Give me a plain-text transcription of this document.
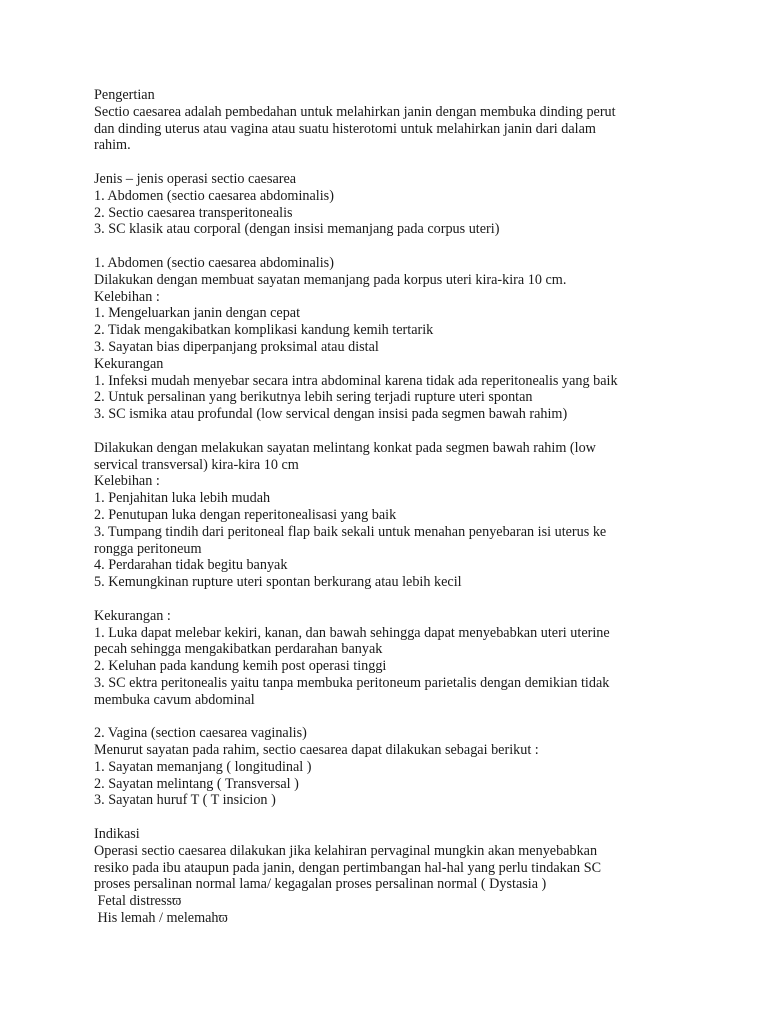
Pengertian
Sectio caesarea adalah pembedahan untuk melahirkan janin dengan membuka dinding perut
dan dinding uterus atau vagina atau suatu histerotomi untuk melahirkan janin dari dalam
rahim.
Jenis – jenis operasi sectio caesarea
1. Abdomen (sectio caesarea abdominalis)
2. Sectio caesarea transperitonealis
3. SC klasik atau corporal (dengan insisi memanjang pada corpus uteri)
1. Abdomen (sectio caesarea abdominalis)
Dilakukan dengan membuat sayatan memanjang pada korpus uteri kira-kira 10 cm.
Kelebihan :
1. Mengeluarkan janin dengan cepat
2. Tidak mengakibatkan komplikasi kandung kemih tertarik
3. Sayatan bias diperpanjang proksimal atau distal
Kekurangan
1. Infeksi mudah menyebar secara intra abdominal karena tidak ada reperitonealis yang baik
2. Untuk persalinan yang berikutnya lebih sering terjadi rupture uteri spontan
3. SC ismika atau profundal (low servical dengan insisi pada segmen bawah rahim)
Dilakukan dengan melakukan sayatan melintang konkat pada segmen bawah rahim (low
servical transversal) kira-kira 10 cm
Kelebihan :
1. Penjahitan luka lebih mudah
2. Penutupan luka dengan reperitonealisasi yang baik
3. Tumpang tindih dari peritoneal flap baik sekali untuk menahan penyebaran isi uterus ke
rongga peritoneum
4. Perdarahan tidak begitu banyak
5. Kemungkinan rupture uteri spontan berkurang atau lebih kecil
Kekurangan :
1. Luka dapat melebar kekiri, kanan, dan bawah sehingga dapat menyebabkan uteri uterine
pecah sehingga mengakibatkan perdarahan banyak
2. Keluhan pada kandung kemih post operasi tinggi
3. SC ektra peritonealis yaitu tanpa membuka peritoneum parietalis dengan demikian tidak
membuka cavum abdominal
2. Vagina (section caesarea vaginalis)
Menurut sayatan pada rahim, sectio caesarea dapat dilakukan sebagai berikut :
1. Sayatan memanjang ( longitudinal )
2. Sayatan melintang ( Transversal )
3. Sayatan huruf T ( T insicion )
Indikasi
Operasi sectio caesarea dilakukan jika kelahiran pervaginal mungkin akan menyebabkan
resiko pada ibu ataupun pada janin, dengan pertimbangan hal-hal yang perlu tindakan SC
proses persalinan normal lama/ kegagalan proses persalinan normal ( Dystasia )
Fetal distressϖ
His lemah / melemahϖ
